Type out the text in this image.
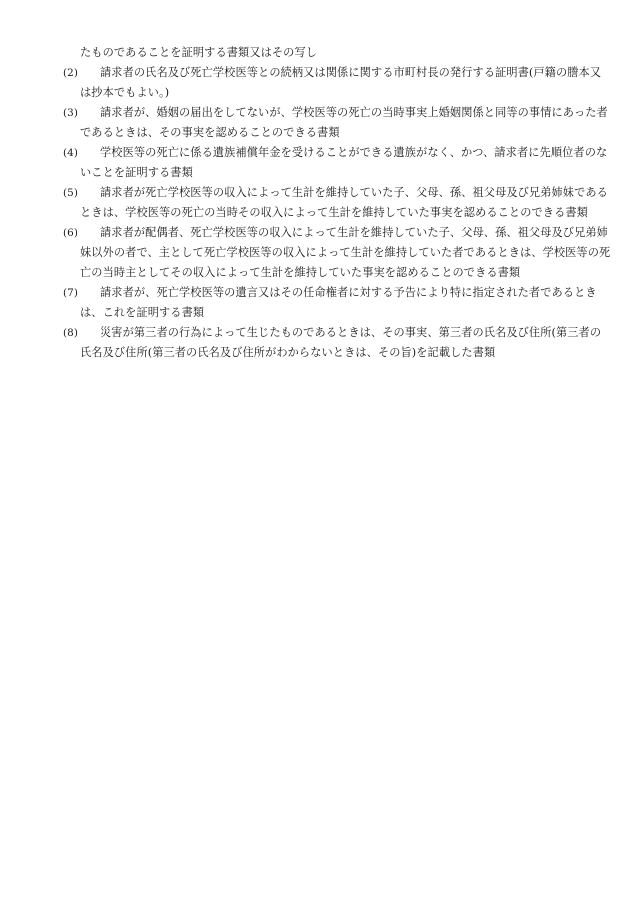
たものであることを証明する書類又はその写し

(2)	請求者の氏名及び死亡学校医等との続柄又は関係に関する市町村長の発行する証明書(戸籍の謄本又は抄本でもよい。)
(3)	請求者が、婚姻の届出をしてないが、学校医等の死亡の当時事実上婚姻関係と同等の事情にあった者であるときは、その事実を認めることのできる書類
(4)	学校医等の死亡に係る遺族補償年金を受けることができる遺族がなく、かつ、請求者に先順位者のないことを証明する書類
(5)	請求者が死亡学校医等の収入によって生計を維持していた子、父母、孫、祖父母及び兄弟姉妹であるときは、学校医等の死亡の当時その収入によって生計を維持していた事実を認めることのできる書類
(6)	請求者が配偶者、死亡学校医等の収入によって生計を維持していた子、父母、孫、祖父母及び兄弟姉妹以外の者で、主として死亡学校医等の収入によって生計を維持していた者であるときは、学校医等の死亡の当時主としてその収入によって生計を維持していた事実を認めることのできる書類
(7)	請求者が、死亡学校医等の遺言又はその任命権者に対する予告により特に指定された者であるときは、これを証明する書類
(8)	災害が第三者の行為によって生じたものであるときは、その事実、第三者の氏名及び住所(第三者の氏名及び住所(第三者の氏名及び住所がわからないときは、その旨)を記載した書類
